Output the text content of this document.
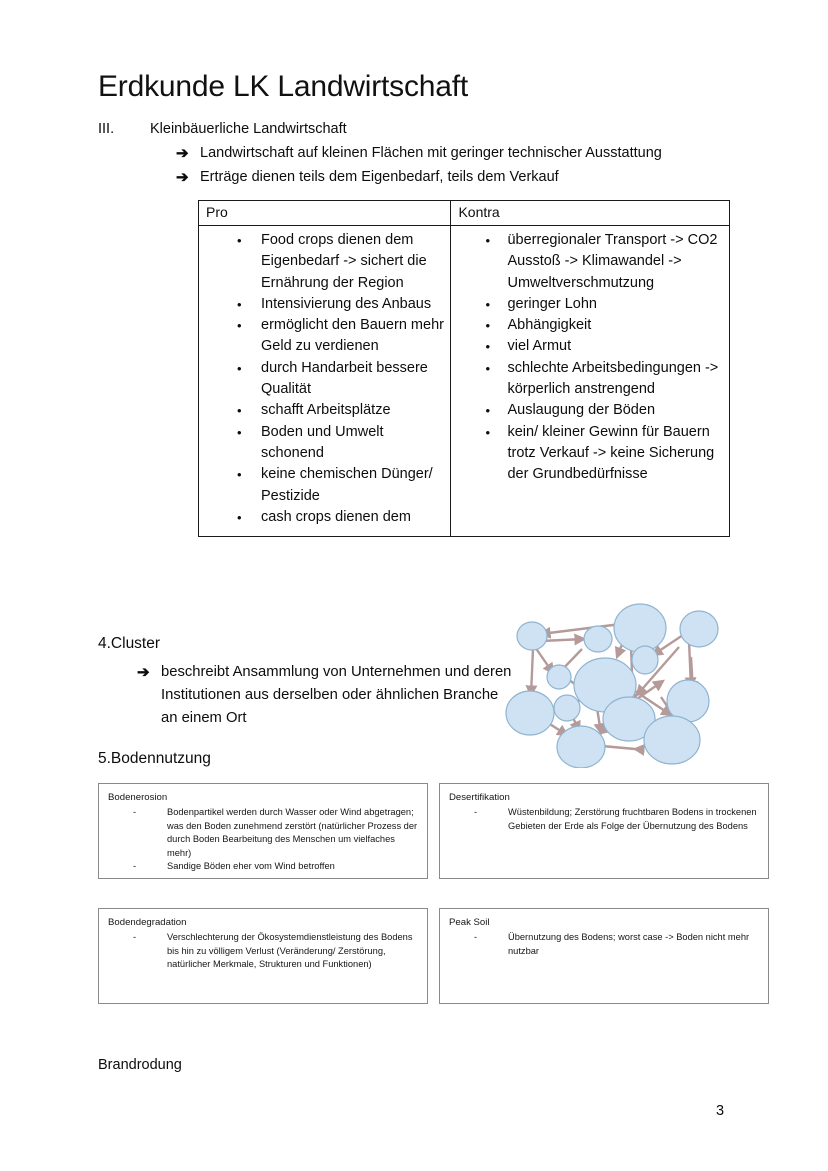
Erdkunde LK Landwirtschaft
III.	Kleinbäuerliche Landwirtschaft
➔ Landwirtschaft auf kleinen Flächen mit geringer technischer Ausstattung
➔ Erträge dienen teils dem Eigenbedarf, teils dem Verkauf
Pro	Kontra

• Food crops dienen dem Eigenbedarf -> sichert die Ernährung der Region
• Intensivierung des Anbaus
• ermöglicht den Bauern mehr Geld zu verdienen
• durch Handarbeit bessere Qualität
• schafft Arbeitsplätze
• Boden und Umwelt schonend
• keine chemischen Dünger/ Pestizide
• cash crops dienen dem

• überregionaler Transport -> CO2 Ausstoß -> Klimawandel -> Umweltverschmutzung
• geringer Lohn
• Abhängigkeit
• viel Armut
• schlechte Arbeitsbedingungen -> körperlich anstrengend
• Auslaugung der Böden
• kein/ kleiner Gewinn für Bauern trotz Verkauf -> keine Sicherung der Grundbedürfnisse
4.Cluster
➔ beschreibt Ansammlung von Unternehmen und deren Institutionen aus derselben oder ähnlichen Branche an einem Ort
5.Bodennutzung
Bodenerosion
- Bodenpartikel werden durch Wasser oder Wind abgetragen; was den Boden zunehmend zerstört (natürlicher Prozess der durch Boden Bearbeitung des Menschen um vielfaches mehr)
- Sandige Böden eher vom Wind betroffen
Desertifikation
- Wüstenbildung; Zerstörung fruchtbaren Bodens in trockenen Gebieten der Erde als Folge der Übernutzung des Bodens
Bodendegradation
- Verschlechterung der Ökosystemdienstleistung des Bodens bis hin zu völligem Verlust (Veränderung/ Zerstörung, natürlicher Merkmale, Strukturen und Funktionen)
Peak Soil
- Übernutzung des Bodens; worst case -> Boden nicht mehr nutzbar
Brandrodung
3
